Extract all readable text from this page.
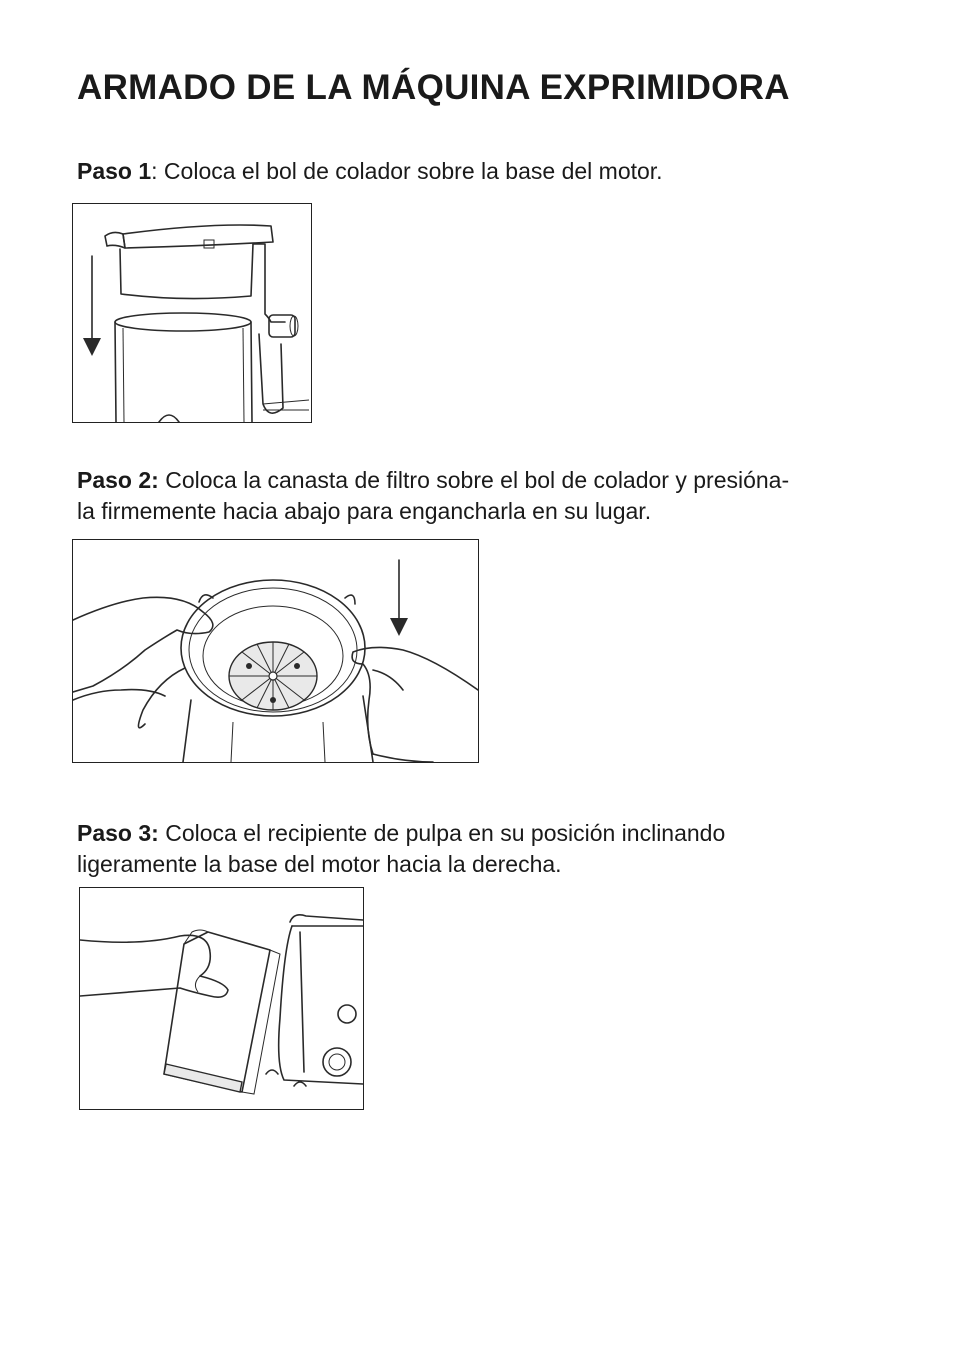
ARMADO DE LA MÁQUINA EXPRIMIDORA

Paso 1: Coloca el bol de colador sobre la base del motor.

Paso 2: Coloca la canasta de filtro sobre el bol de colador y presióna-

la firmemente hacia abajo para engancharla en su lugar.

Paso 3: Coloca el recipiente de pulpa en su posición inclinando

ligeramente la base del motor hacia la derecha.
